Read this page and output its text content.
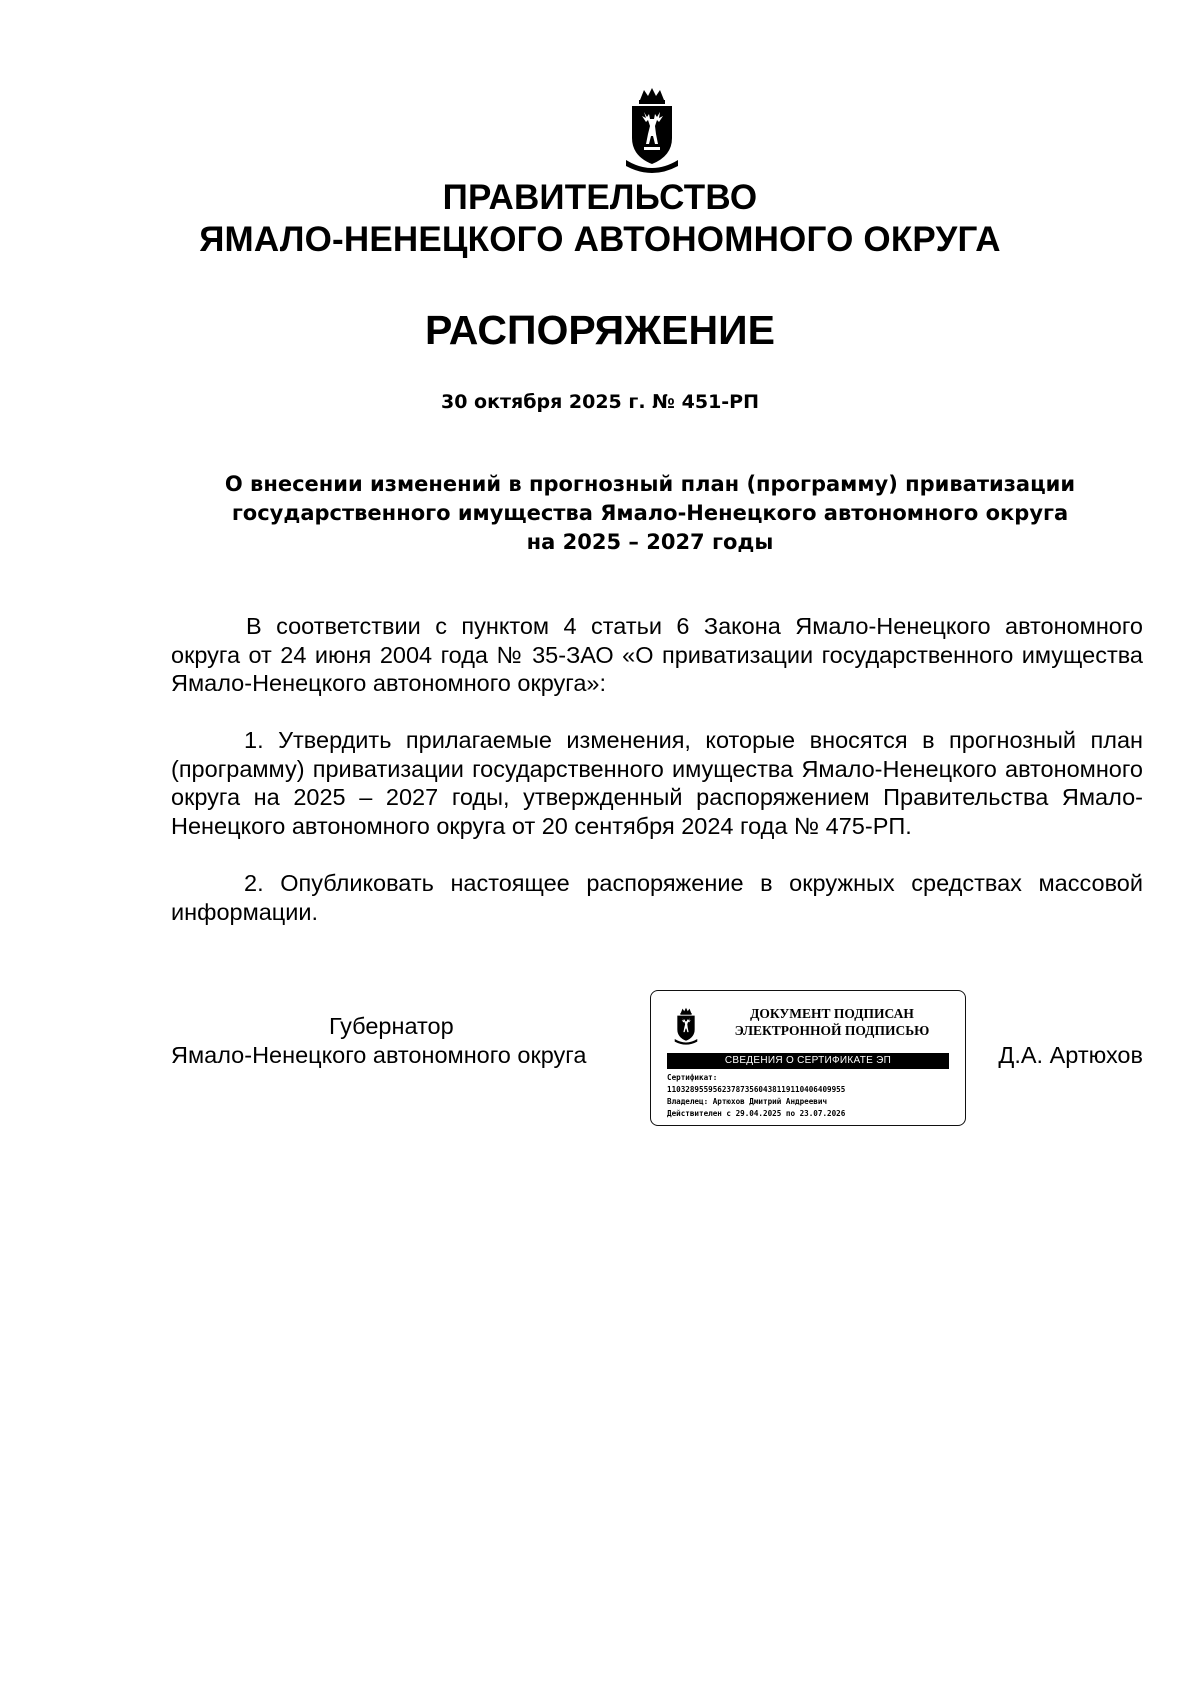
ПРАВИТЕЛЬСТВО
ЯМАЛО-НЕНЕЦКОГО АВТОНОМНОГО ОКРУГА
РАСПОРЯЖЕНИЕ
30 октября 2025 г. № 451-РП
О внесении изменений в прогнозный план (программу) приватизации
государственного имущества Ямало-Ненецкого автономного округа
на 2025 – 2027 годы

В соответствии с пунктом 4 статьи 6 Закона Ямало-Ненецкого автономного округа от 24 июня 2004 года № 35-ЗАО «О приватизации государственного имущества Ямало-Ненецкого автономного округа»:

1. Утвердить прилагаемые изменения, которые вносятся в прогнозный план (программу) приватизации государственного имущества Ямало-Ненецкого автономного округа на 2025 – 2027 годы, утвержденный распоряжением Правительства Ямало-Ненецкого автономного округа от 20 сентября 2024 года № 475-РП.

2. Опубликовать настоящее распоряжение в окружных средствах массовой информации.

Губернатор
Ямало-Ненецкого автономного округа
ДОКУМЕНТ ПОДПИСАН
ЭЛЕКТРОННОЙ ПОДПИСЬЮ
СВЕДЕНИЯ О СЕРТИФИКАТЕ ЭП
Сертификат:
110328955956237873560438119110406409955
Владелец: Артюхов Дмитрий Андреевич
Действителен с 29.04.2025 по 23.07.2026
Д.А. Артюхов
